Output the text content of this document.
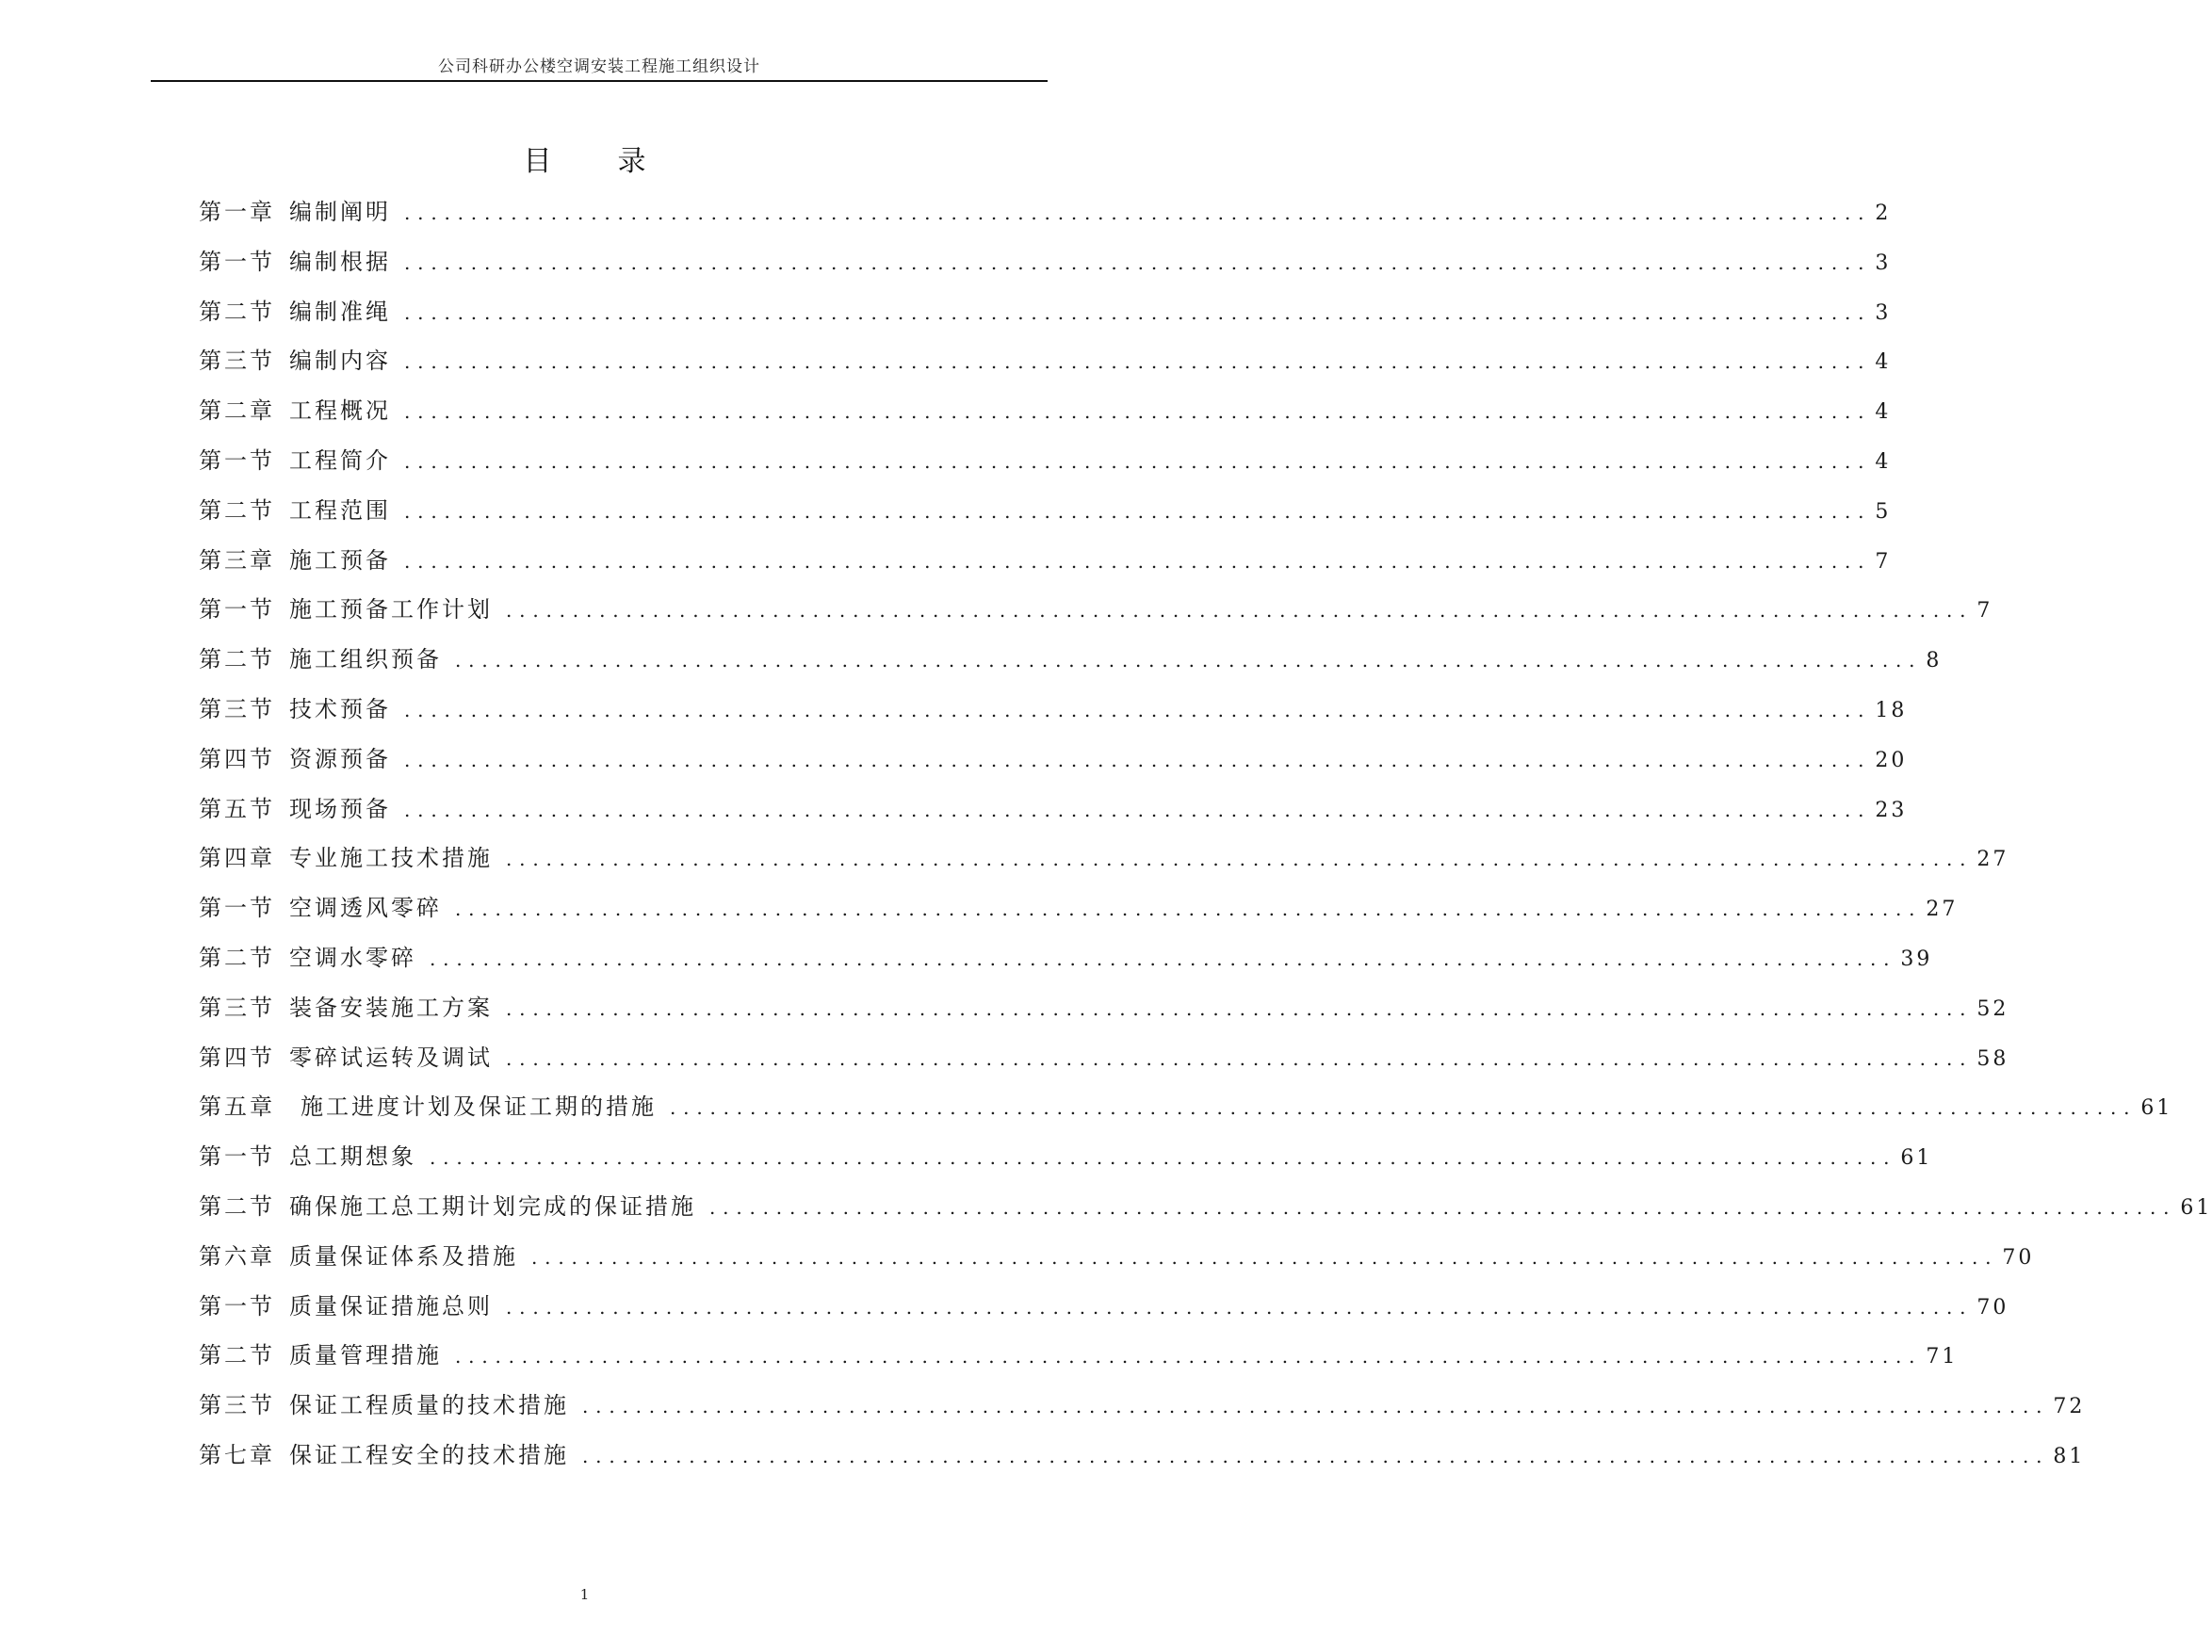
公司科研办公楼空调安装工程施工组织设计
目录
第一章 编制阐明 .............................................................................................................. 2
第一节 编制根据 .............................................................................................................. 3
第二节 编制准绳 .............................................................................................................. 3
第三节 编制内容 .............................................................................................................. 4
第二章 工程概况 .............................................................................................................. 4
第一节 工程简介 .............................................................................................................. 4
第二节 工程范围 .............................................................................................................. 5
第三章 施工预备 .............................................................................................................. 7
第一节 施工预备工作计划 .............................................................................................................. 7
第二节 施工组织预备 .............................................................................................................. 8
第三节 技术预备 .............................................................................................................. 18
第四节 资源预备 .............................................................................................................. 20
第五节 现场预备 .............................................................................................................. 23
第四章 专业施工技术措施 .............................................................................................................. 27
第一节 空调透风零碎 .............................................................................................................. 27
第二节 空调水零碎 .............................................................................................................. 39
第三节 装备安装施工方案 .............................................................................................................. 52
第四节 零碎试运转及调试 .............................................................................................................. 58
第五章	施工进度计划及保证工期的措施 .............................................................................................................. 61
第一节 总工期想象 .............................................................................................................. 61
第二节 确保施工总工期计划完成的保证措施 .............................................................................................................. 61
第六章 质量保证体系及措施 .............................................................................................................. 70
第一节 质量保证措施总则 .............................................................................................................. 70
第二节 质量管理措施 .............................................................................................................. 71
第三节 保证工程质量的技术措施 .............................................................................................................. 72
第七章 保证工程安全的技术措施 .............................................................................................................. 81
1
